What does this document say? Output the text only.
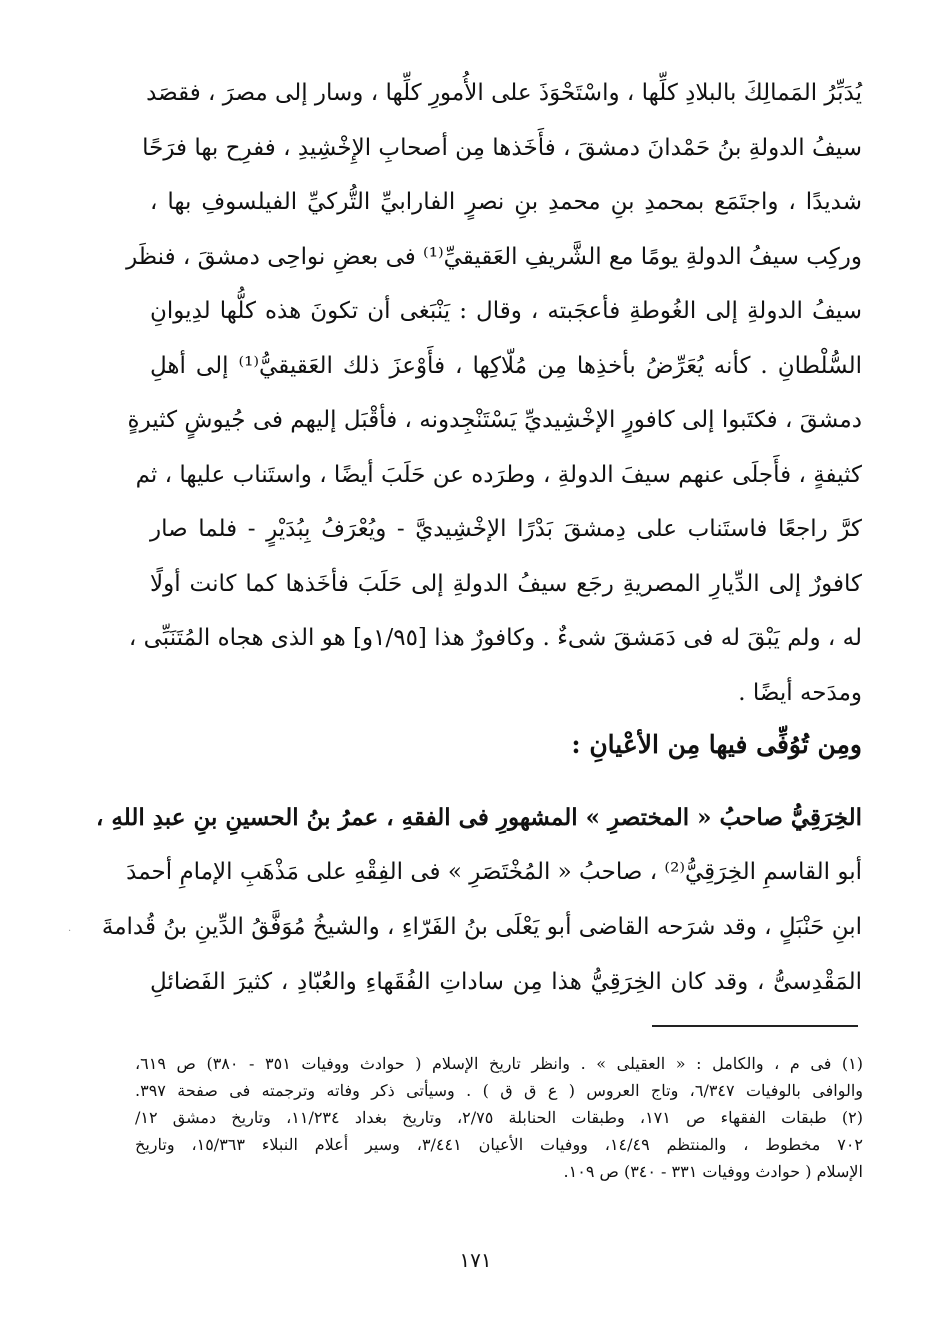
يُدَبِّرُ المَمالِكَ بالبلادِ كلِّها ، واسْتَحْوَذَ على الأُمورِ كلِّها ، وسار إلى مصرَ ، فقصَد
سيفُ الدولةِ بنُ حَمْدانَ دمشقَ ، فأَخَذها مِن أصحابِ الإِخْشِيدِ ، ففرِح بها فرَحًا
شديدًا ، واجتَمَع بمحمدِ بنِ محمدِ بنِ نصرٍ الفارابيِّ التُّركيِّ الفيلسوفِ بها ،
وركِب سيفُ الدولةِ يومًا مع الشَّريفِ العَقيقيِّ⁽¹⁾ فى بعضِ نواحِى دمشقَ ، فنظَر
سيفُ الدولةِ إلى الغُوطةِ فأعجَبته ، وقال : يَنْبَغى أن تكونَ هذه كلُّها لدِيوانِ
السُّلْطانِ . كأنه يُعَرِّضُ بأخذِها مِن مُلّاكِها ، فأَوْعزَ ذلك العَقيقيُّ⁽¹⁾ إلى أهلِ
دمشقَ ، فكتَبوا إلى كافورٍ الإخْشِيديِّ يَسْتَنْجِدونه ، فأقْبَل إليهم فى جُيوشٍ كثيرةٍ
كثيفةٍ ، فأَجلَى عنهم سيفَ الدولةِ ، وطرَده عن حَلَبَ أيضًا ، واستَناب عليها ، ثم
كرَّ راجعًا فاستَناب على دِمشقَ بَدْرًا الإخْشِيديَّ - ويُعْرَفُ بِبُدَيْرٍ - فلما صار
كافورٌ إلى الدِّيارِ المصريةِ رجَع سيفُ الدولةِ إلى حَلَبَ فأخَذها كما كانت أولًا
له ، ولم يَبْقَ له فى دَمَشقَ شىءٌ . وكافورٌ هذا [١/٩٥و] هو الذى هجاه المُتَنَبِّى ،
ومدَحه أيضًا .
ومِن تُوُفِّى فيها مِن الأعْيانِ :
الخِرَقِيُّ صاحبُ « المختصرِ » المشهورِ فى الفقهِ ، عمرُ بنُ الحسينِ بنِ عبدِ اللهِ ،
أبو القاسمِ الخِرَقِيُّ⁽²⁾ ، صاحبُ « المُخْتَصَرِ » فى الفِقْهِ على مَذْهَبِ الإمامِ أحمدَ
ابنِ حَنْبَلٍ ، وقد شرَحه القاضى أبو يَعْلَى بنُ الفَرّاءِ ، والشيخُ مُوَفَّقُ الدِّينِ بنُ قُدامةَ
المَقْدِسىُّ ، وقد كان الخِرَقِيُّ هذا مِن ساداتِ الفُقَهاءِ والعُبّادِ ، كثيرَ الفَضائلِ
(١) فى م ، والكامل : « العقيلى » . وانظر تاريخ الإسلام ( حوادث ووفيات ٣٥١ - ٣٨٠) ص ٦١٩،
والوافى بالوفيات ٦/٣٤٧، وتاج العروس ( ع ق ق ) . وسيأتى ذكر وفاته وترجمته فى صفحة ٣٩٧.
(٢) طبقات الفقهاء ص ١٧١، وطبقات الحنابلة ٢/٧٥، وتاريخ بغداد ١١/٢٣٤، وتاريخ دمشق ١٢/
٧٠٢ مخطوط ، والمنتظم ١٤/٤٩، ووفيات الأعيان ٣/٤٤١، وسير أعلام النبلاء ١٥/٣٦٣، وتاريخ
الإسلام ( حوادث ووفيات ٣٣١ - ٣٤٠) ص ١٠٩.
١٧١
·
